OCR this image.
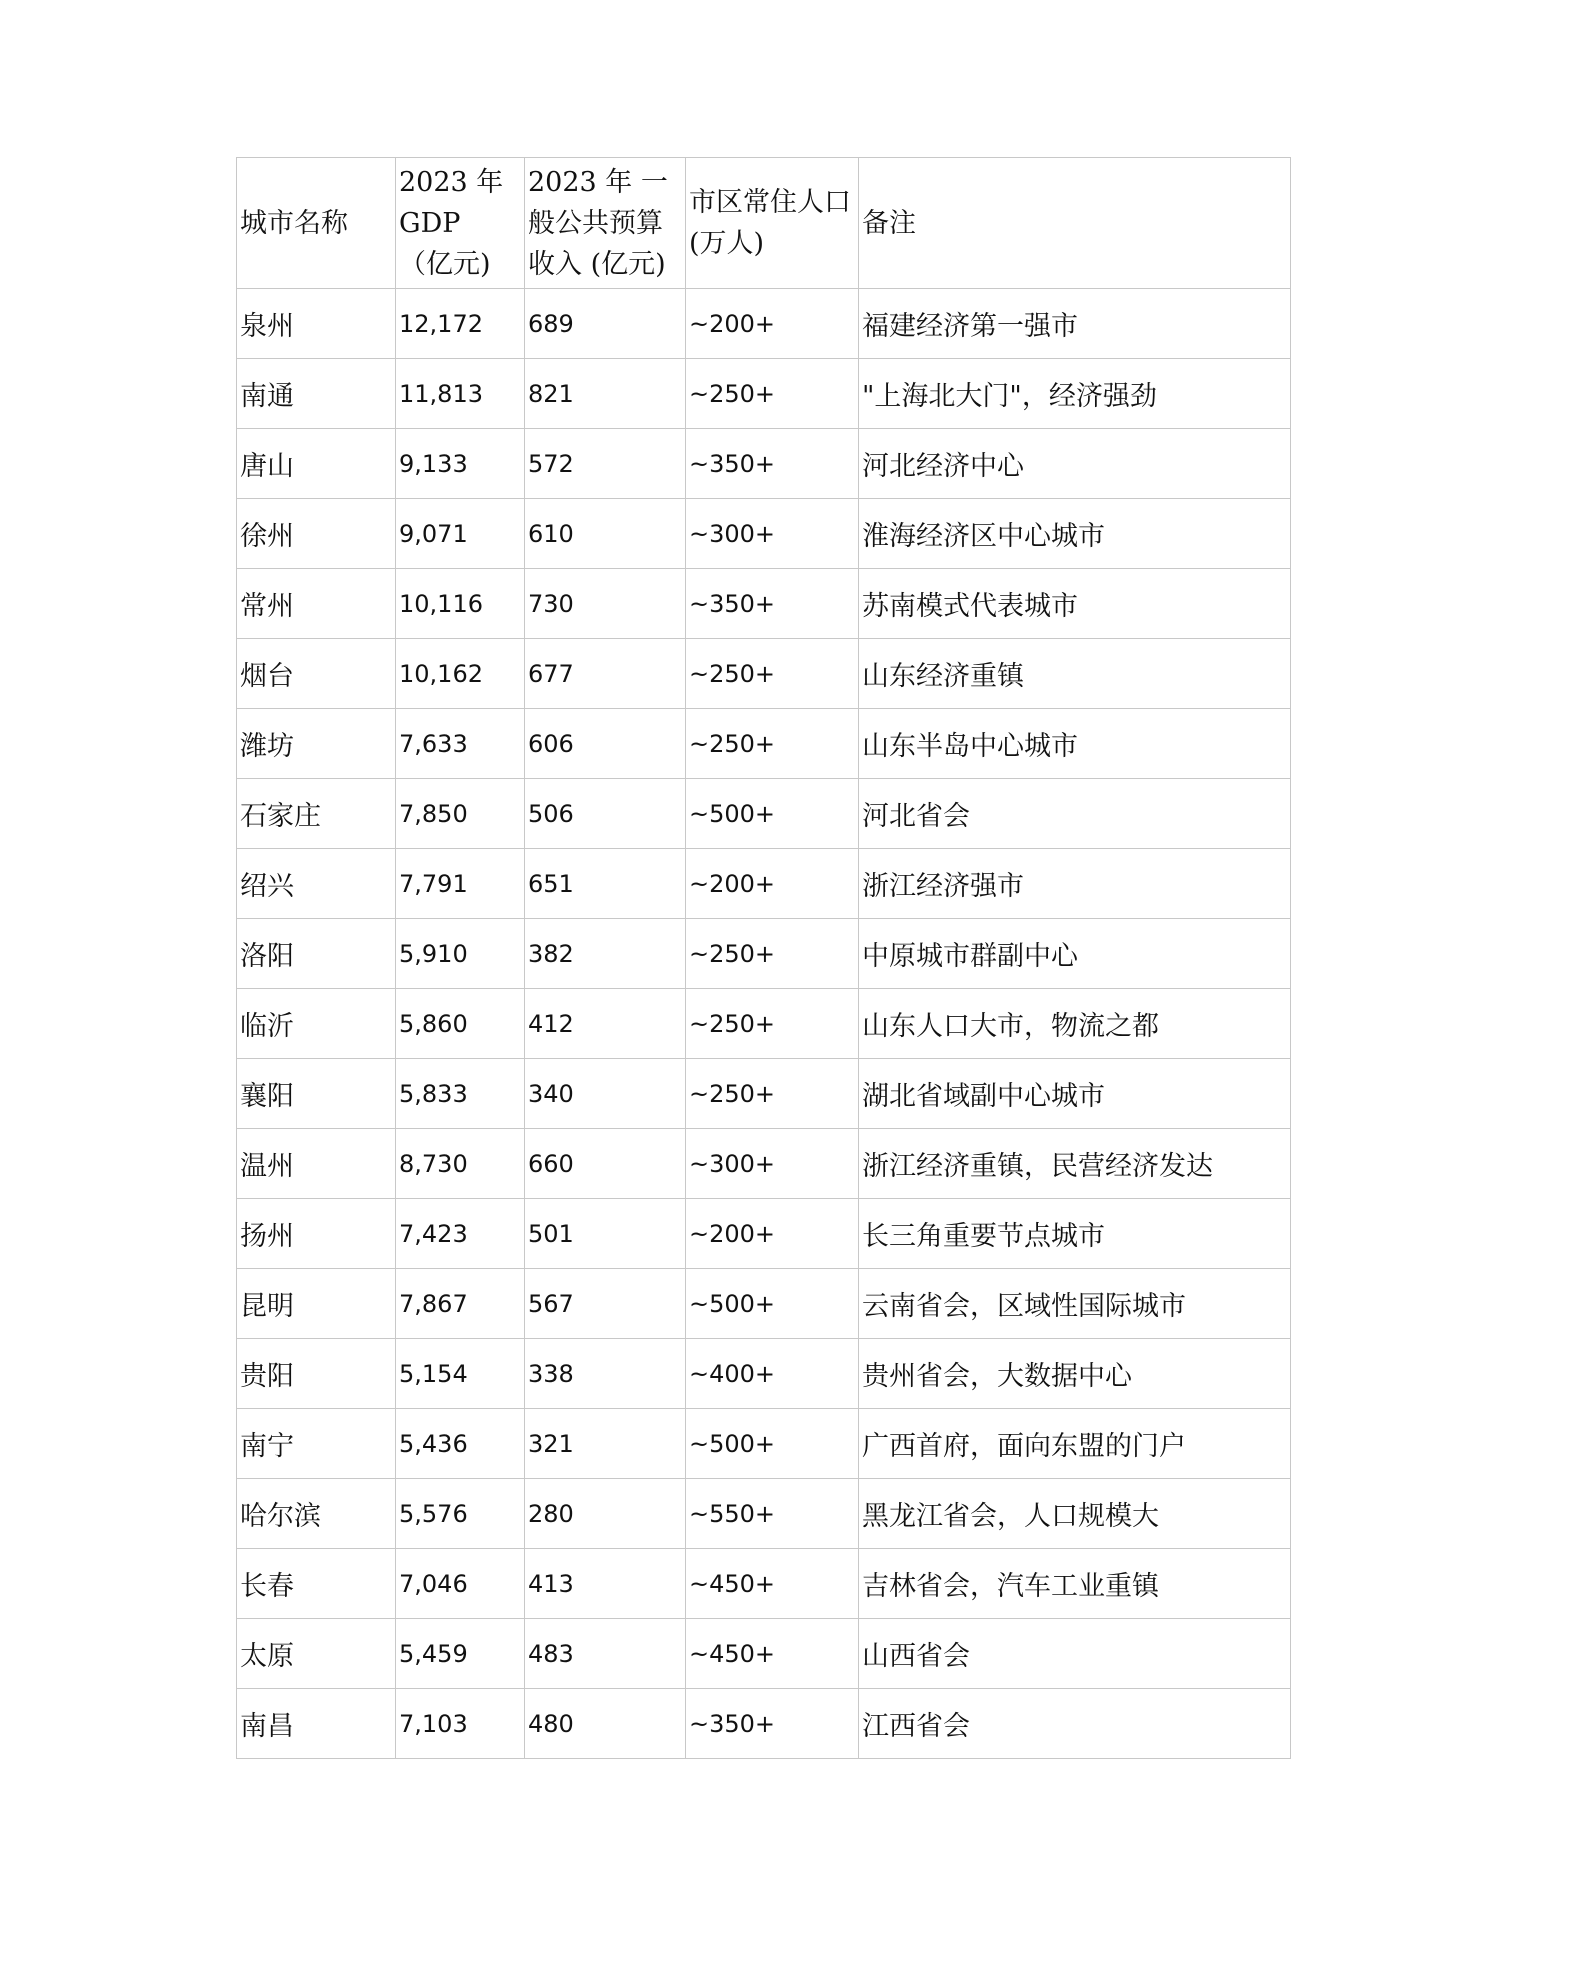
城市名称	2023 年 GDP （亿元)	2023 年 一般公共预算收入 (亿元)	市区常住人口 (万人)	备注
泉州	12,172	689	~200+	福建经济第一强市
南通	11,813	821	~250+	"上海北大门"，经济强劲
唐山	9,133	572	~350+	河北经济中心
徐州	9,071	610	~300+	淮海经济区中心城市
常州	10,116	730	~350+	苏南模式代表城市
烟台	10,162	677	~250+	山东经济重镇
潍坊	7,633	606	~250+	山东半岛中心城市
石家庄	7,850	506	~500+	河北省会
绍兴	7,791	651	~200+	浙江经济强市
洛阳	5,910	382	~250+	中原城市群副中心
临沂	5,860	412	~250+	山东人口大市，物流之都
襄阳	5,833	340	~250+	湖北省域副中心城市
温州	8,730	660	~300+	浙江经济重镇，民营经济发达
扬州	7,423	501	~200+	长三角重要节点城市
昆明	7,867	567	~500+	云南省会，区域性国际城市
贵阳	5,154	338	~400+	贵州省会，大数据中心
南宁	5,436	321	~500+	广西首府，面向东盟的门户
哈尔滨	5,576	280	~550+	黑龙江省会，人口规模大
长春	7,046	413	~450+	吉林省会，汽车工业重镇
太原	5,459	483	~450+	山西省会
南昌	7,103	480	~350+	江西省会
